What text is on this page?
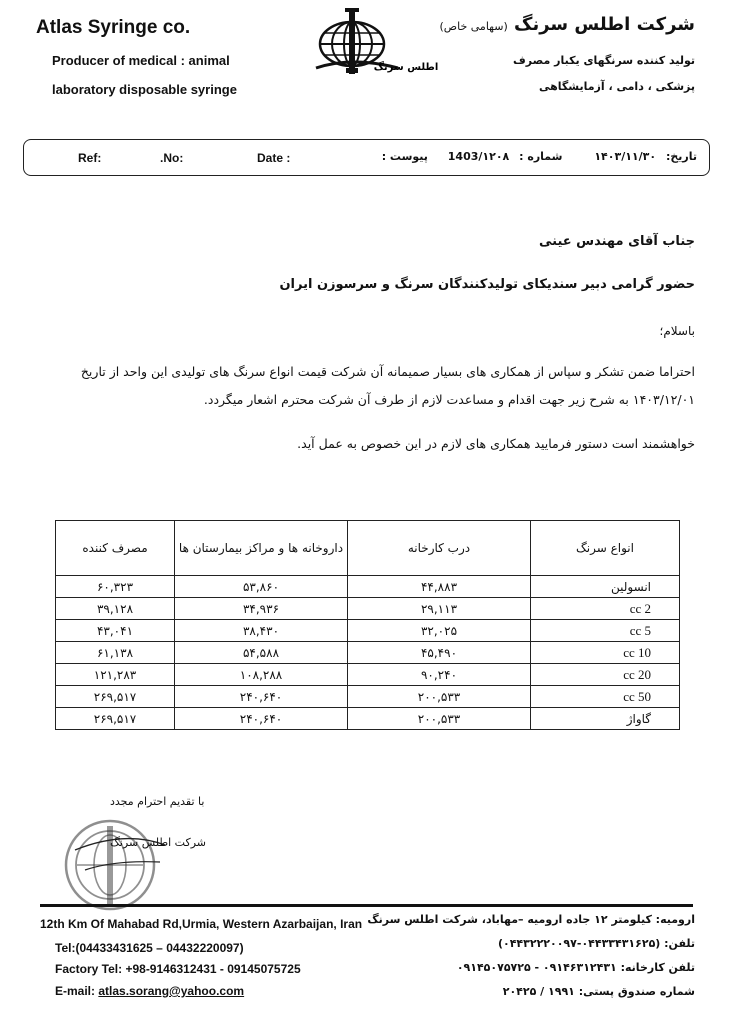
Atlas Syringe co.
Producer of medical : animal
laboratory disposable syringe
اطلس سرنگ
شرکت اطلس سرنگ (سهامی خاص)
تولید کننده سرنگهای یکبار مصرف
پزشکی ، دامی ، آزمایشگاهی
Ref:	.No:	Date :	تاریخ: ۱۴۰۳/۱۱/۳۰ شماره : 1403/۱۲۰۸ پیوست :
جناب آقای مهندس عینی
حضور گرامی دبیر سندیکای تولیدکنندگان سرنگ و سرسوزن ایران
باسلام؛
احتراما ضمن تشکر و سپاس از همکاری های بسیار صمیمانه آن شرکت قیمت انواع سرنگ های تولیدی این واحد از تاریخ
۱۴۰۳/۱۲/۰۱ به شرح زیر جهت اقدام و مساعدت لازم از طرف آن شرکت محترم اشعار میگردد.
خواهشمند است دستور فرمایید همکاری های لازم در این خصوص به عمل آید.
انواع سرنگ	درب کارخانه	داروخانه ها و مراکز بیمارستان ها	مصرف کننده
انسولین	۴۴,۸۸۳	۵۳,۸۶۰	۶۰,۳۲۳
2 cc	۲۹,۱۱۳	۳۴,۹۳۶	۳۹,۱۲۸
5 cc	۳۲,۰۲۵	۳۸,۴۳۰	۴۳,۰۴۱
10 cc	۴۵,۴۹۰	۵۴,۵۸۸	۶۱,۱۳۸
20 cc	۹۰,۲۴۰	۱۰۸,۲۸۸	۱۲۱,۲۸۳
50 cc	۲۰۰,۵۳۳	۲۴۰,۶۴۰	۲۶۹,۵۱۷
گاواژ	۲۰۰,۵۳۳	۲۴۰,۶۴۰	۲۶۹,۵۱۷
با تقدیم احترام مجدد
شرکت اطلس سرنگ
12th Km Of Mahabad Rd,Urmia, Western Azarbaijan, Iran
Tel:(04433431625 – 04432220097)
Factory Tel: +98-9146312431 - 09145075725
E-mail: atlas.sorang@yahoo.com
ارومیه: کیلومتر ۱۲ جاده ارومیه –مهاباد، شرکت اطلس سرنگ
تلفن: (۰۴۴۳۳۴۳۱۶۲۵-۰۴۴۳۲۲۲۰۰۹۷)
تلفن کارخانه: ۰۹۱۴۶۳۱۲۴۳۱ - ۰۹۱۴۵۰۷۵۷۲۵
شماره صندوق پستی: ۱۹۹۱ / ۲۰۴۲۵
